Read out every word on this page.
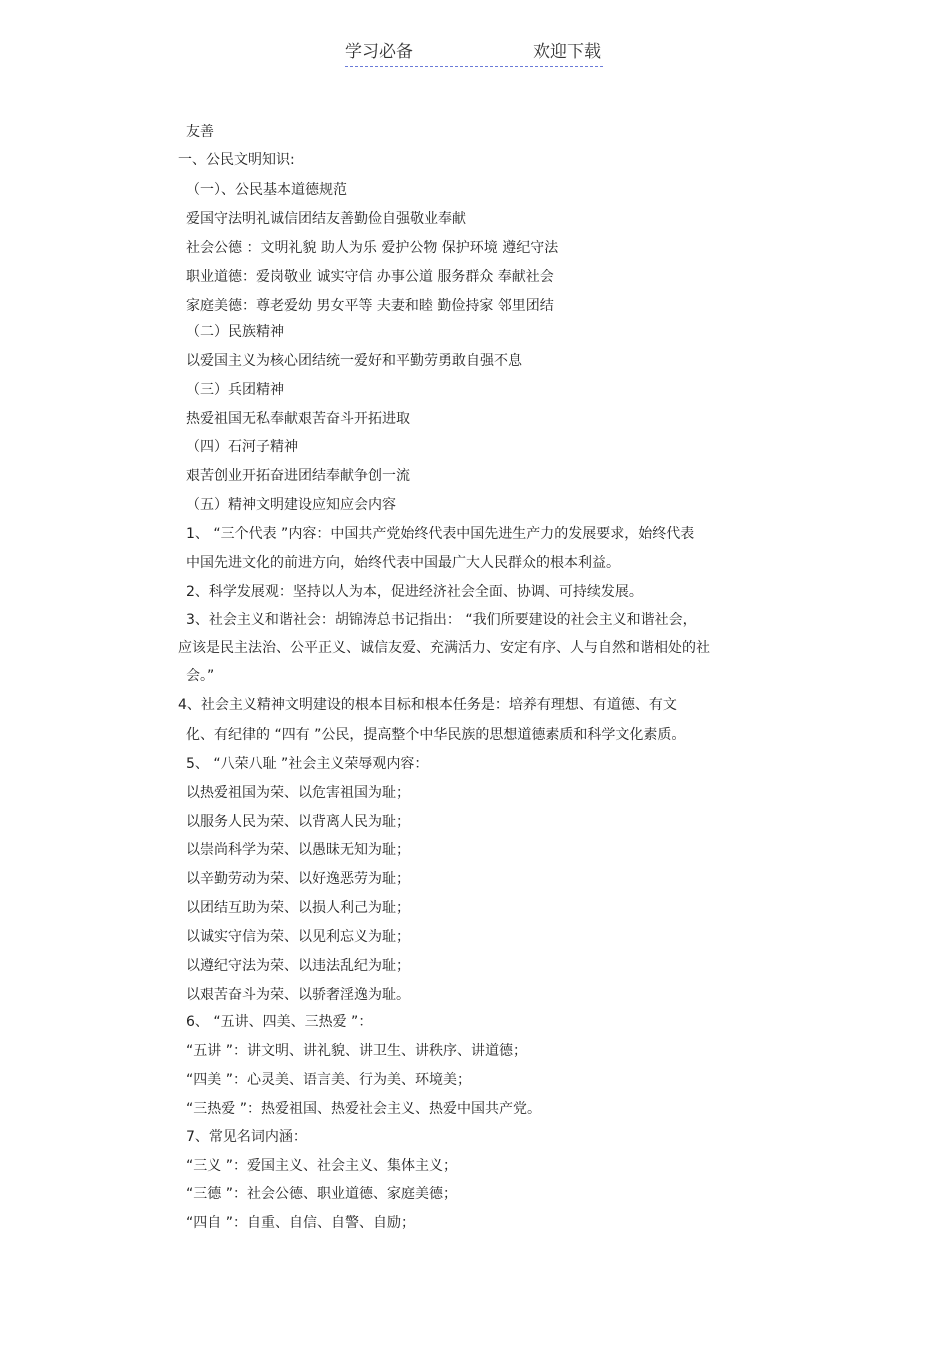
学习必备	欢迎下载
友善
一、公民文明知识:
（一）、公民基本道德规范
爱国守法明礼诚信团结友善勤俭自强敬业奉献
社会公德 ：文明礼貌 助人为乐 爱护公物 保护环境 遵纪守法
职业道德：爱岗敬业 诚实守信 办事公道 服务群众 奉献社会
家庭美德：尊老爱幼 男女平等 夫妻和睦 勤俭持家 邻里团结
（二）民族精神
以爱国主义为核心团结统一爱好和平勤劳勇敢自强不息
（三）兵团精神
热爱祖国无私奉献艰苦奋斗开拓进取
（四）石河子精神
艰苦创业开拓奋进团结奉献争创一流
（五）精神文明建设应知应会内容
1、 “三个代表 ”内容：中国共产党始终代表中国先进生产力的发展要求，始终代表
中国先进文化的前进方向，始终代表中国最广大人民群众的根本利益。
2、科学发展观：坚持以人为本，促进经济社会全面、协调、可持续发展。
3、社会主义和谐社会：胡锦涛总书记指出： “我们所要建设的社会主义和谐社会，
应该是民主法治、公平正义、诚信友爱、充满活力、安定有序、人与自然和谐相处的社
会。”
4、社会主义精神文明建设的根本目标和根本任务是：培养有理想、有道德、有文
化、有纪律的 “四有 ”公民，提高整个中华民族的思想道德素质和科学文化素质。
5、 “八荣八耻 ”社会主义荣辱观内容：
以热爱祖国为荣、以危害祖国为耻；
以服务人民为荣、以背离人民为耻；
以崇尚科学为荣、以愚昧无知为耻；
以辛勤劳动为荣、以好逸恶劳为耻；
以团结互助为荣、以损人利己为耻；
以诚实守信为荣、以见利忘义为耻；
以遵纪守法为荣、以违法乱纪为耻；
以艰苦奋斗为荣、以骄奢淫逸为耻。
6、 “五讲、四美、三热爱 ”：
“五讲 ”：讲文明、讲礼貌、讲卫生、讲秩序、讲道德；
“四美 ”：心灵美、语言美、行为美、环境美；
“三热爱 ”：热爱祖国、热爱社会主义、热爱中国共产党。
7、常见名词内涵：
“三义 ”：爱国主义、社会主义、集体主义；
“三德 ”：社会公德、职业道德、家庭美德；
“四自 ”：自重、自信、自警、自励；
